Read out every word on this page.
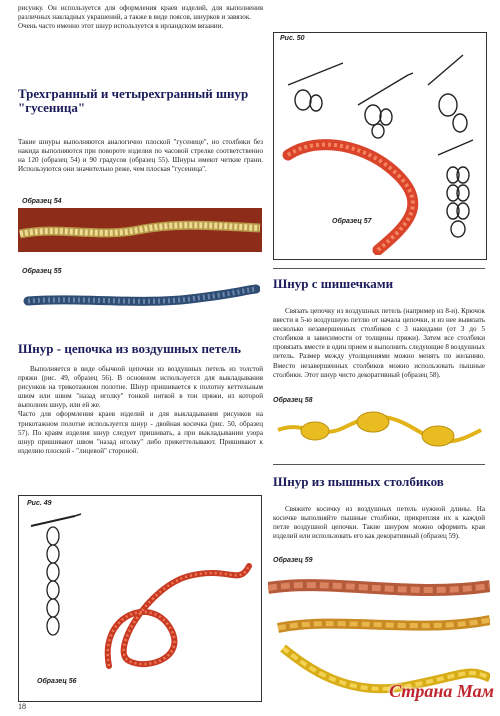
рисунку. Он используется для оформления краев изделий, для выполнения различных накладных украшений, а также в виде поясов, шнурков и завязок.

Очень часто именно этот шнур используется в ирландском вязании.

Трехгранный и четырехгранный шнур "гусеница"

Такие шнуры выполняются аналогично плоской "гусенице", но столбики без накида выполняются при повороте изделия по часовой стрелке соответственно на 120 (образец 54) и 90 градусов (образец 55). Шнуры имеют четкие грани. Используются они значительно реже, чем плоская "гусеница".

Образец 54
Образец 55
Шнур - цепочка из воздушных петель

Выполняется в виде обычной цепочки из воздушных петель из толстой пряжи (рис. 49, образец 56). В основном используется для выкладывания рисунков на трикотажном полотне. Шнур пришивается к полотну кеттельным швом или швом "назад иголку" тонкой ниткой в тон пряжи, из которой выполнен шнур, или ей же.

Часто для оформления краев изделий и для выкладывания рисунков на трикотажном полотне используется шнур - двойная косичка (рис. 50, образец 57). По краям изделия шнур следует пришивать, а при выкладывании узора шнур пришивают швом "назад иголку" либо прикеттелывают. Пришивают к изделию плоской - "лицевой" стороной.

Рис. 49
Образец 56
18
Рис. 50
Образец 57
Шнур с шишечками

Связать цепочку из воздушных петель (например из 8-и). Крючок ввести в 5-ю воздушную петлю от начала цепочки, и из нее вывязать несколько незавершенных столбиков с 3 накидами (от 3 до 5 столбиков в зависимости от толщины пряжи). Затем все столбики провязать вместе в один прием и выполнить следующие 8 воздушных петель. Размер между утолщениями можно менять по желанию. Вместо незавершенных столбиков можно использовать пышные столбики. Этот шнур чисто декоративный (образец 58).

Образец 58
Шнур из пышных столбиков

Свяжите косичку из воздушных петель нужной длины. На косичке выполняйте пышные столбики, прикрепляя их к каждой петле воздушной цепочки. Такие шнуром можно оформить края изделий или использовать его как декоративный (образец 59).

Образец 59
Страна Мам
